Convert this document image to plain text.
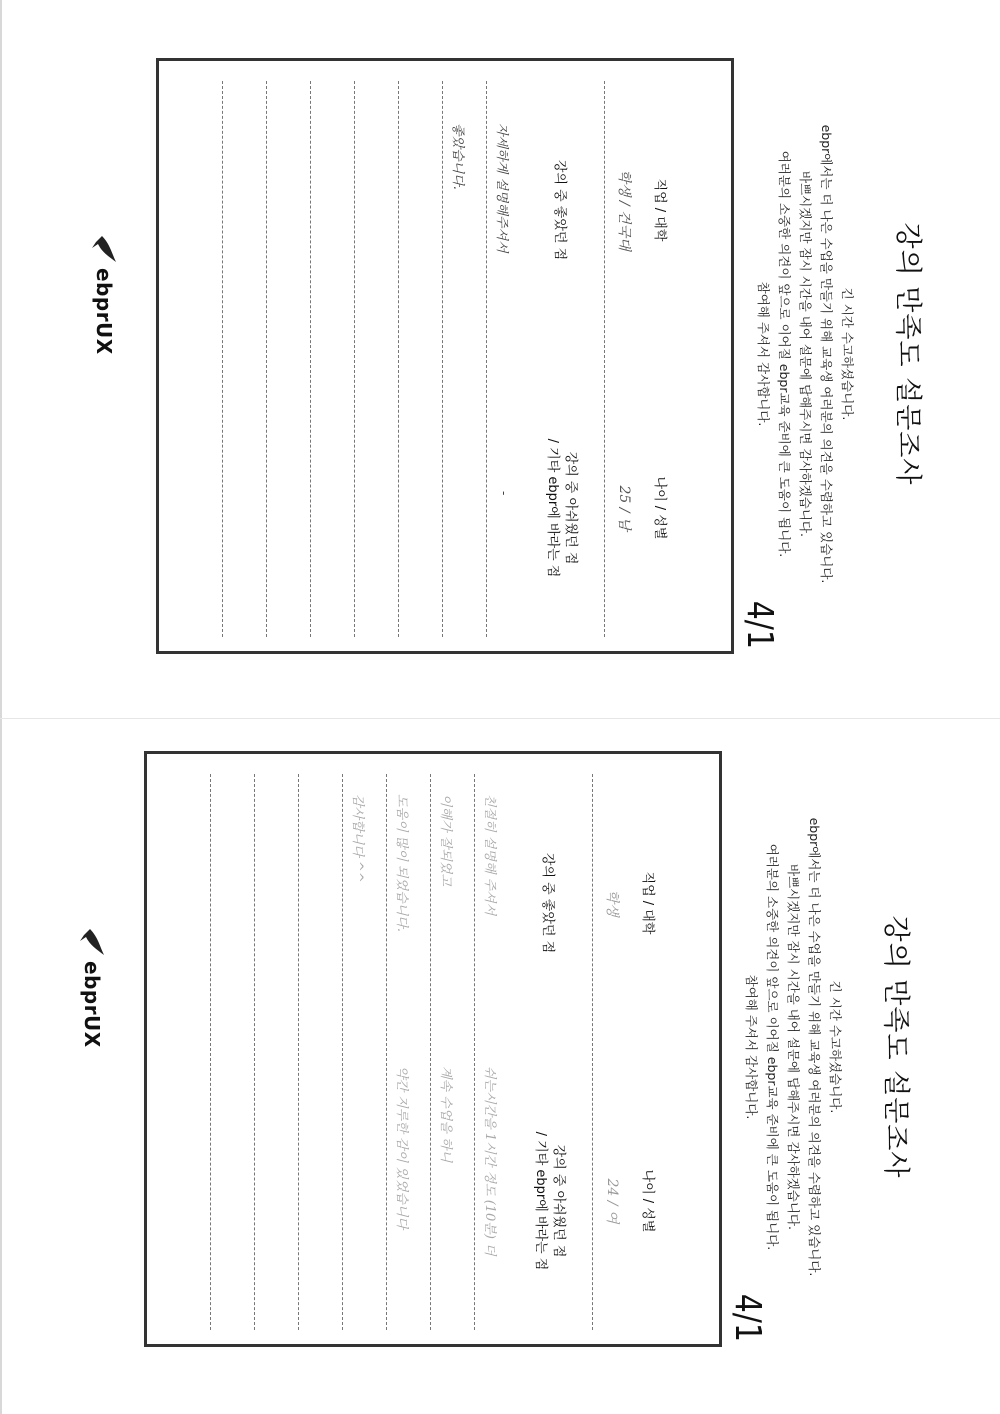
강의 만족도 설문조사
긴 시간 수고하셨습니다.
ebpr에서는 더 나은 수업을 만들기 위해 교육생 여러분의 의견을 수렴하고 있습니다.
바쁘시겠지만 잠시 시간을 내어 설문에 답해주시면 감사하겠습니다.
여러분의 소중한 의견이 앞으로 이어질 ebpr교육 준비에 큰 도움이 됩니다.
참여해 주셔서 감사합니다.
4/1
직업 / 대학
나이 / 성별
학생 / 건국대
25 / 남
강의 중 좋았던 점
강의 중 아쉬웠던 점
/ 기타 ebpr에 바라는 점
자세하게 설명해주셔서
좋았습니다.
-
ebprUX
강의 만족도 설문조사
긴 시간 수고하셨습니다.
ebpr에서는 더 나은 수업을 만들기 위해 교육생 여러분의 의견을 수렴하고 있습니다.
바쁘시겠지만 잠시 시간을 내어 설문에 답해주시면 감사하겠습니다.
여러분의 소중한 의견이 앞으로 이어질 ebpr교육 준비에 큰 도움이 됩니다.
참여해 주셔서 감사합니다.
4/1
직업 / 대학
나이 / 성별
학생
24 / 여
강의 중 좋았던 점
강의 중 아쉬웠던 점
/ 기타 ebpr에 바라는 점
친절히 설명해 주셔서
이해가 잘되었고
도움이 많이 되었습니다.
감사합니다 ^^
쉬는시간을 1시간 정도 (10분) 더
계속 수업을 하니
약간 지루한 감이 있었습니다
ebprUX
